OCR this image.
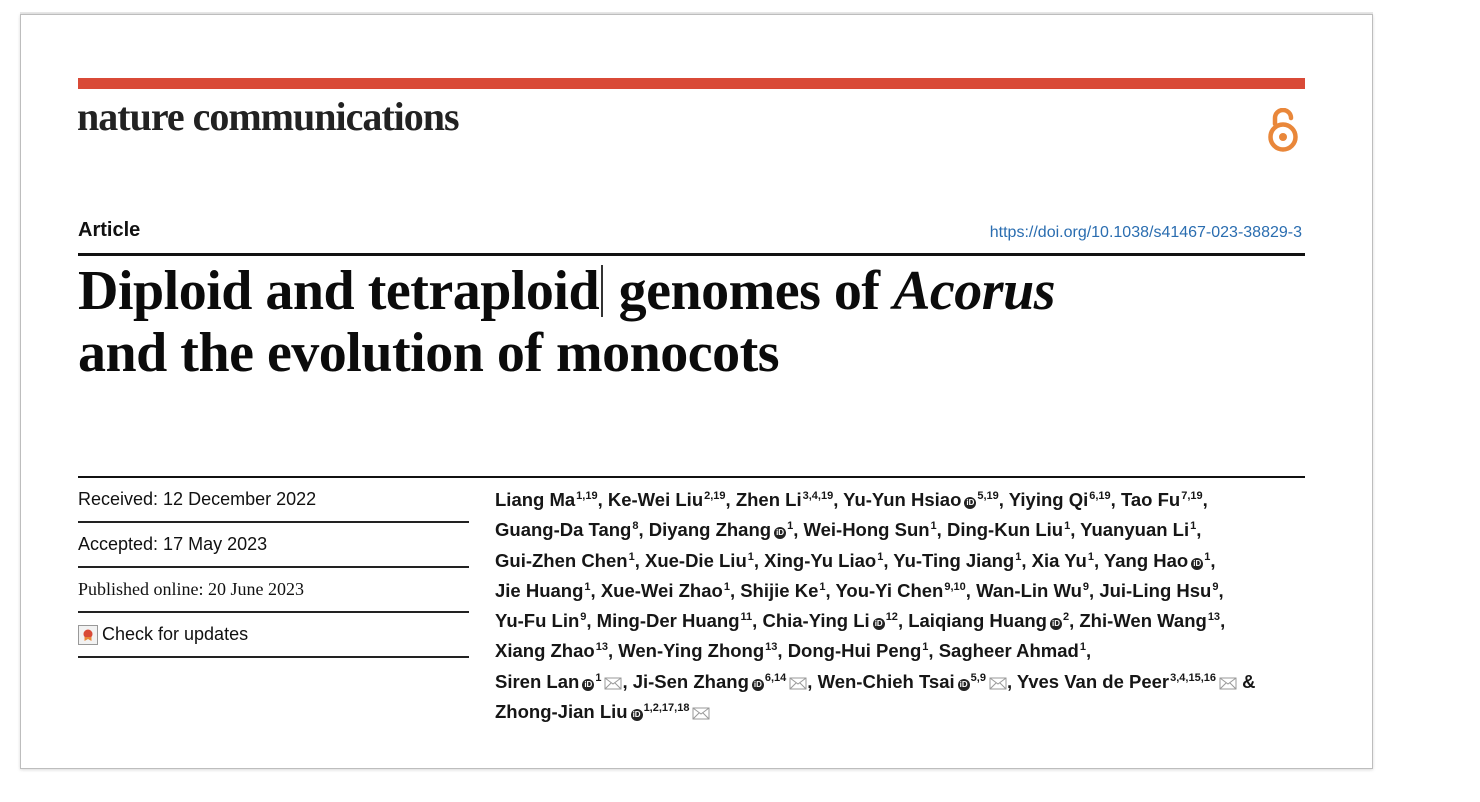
nature communications
Article	https://doi.org/10.1038/s41467-023-38829-3
Diploid and tetraploid genomes of Acorus
and the evolution of monocots
Received: 12 December 2022
Accepted: 17 May 2023
Published online: 20 June 2023
Check for updates
Liang Ma$^{1,19}$, Ke-Wei Liu$^{2,19}$, Zhen Li$^{3,4,19}$, Yu-Yun Hsiao iD$^{5,19}$, Yiying Qi$^{6,19}$, Tao Fu$^{7,19}$,
Guang-Da Tang$^8$, Diyang Zhang $iD^1$, Wei-Hong Sun$^1$, Ding-Kun Liu$^1$, Yuanyuan Li$^1$,
Gui-Zhen Chen$^1$, Xue-Die Liu$^1$, Xing-Yu Liao$^1$, Yu-Ting Jiang$^1$, Xia Yu$^1$, Yang Hao $iD^1$,
Jie Huang$^1$, Xue-Wei Zhao$^1$, Shijie Ke$^1$, You-Yi Chen$^{9,10}$, Wan-Lin Wu$^9$, Jui-Ling Hsu$^9$,
Yu-Fu Lin$^9$, Ming-Der Huang$^{11}$, Chia-Ying Li $iD^{12}$, Laiqiang Huang $iD^2$, Zhi-Wen Wang$^{13}$,
Xiang Zhao$^{13}$, Wen-Ying Zhong$^{13}$, Dong-Hui Peng$^1$, Sagheer Ahmad$^1$,
Siren Lan $iD^1$ , Ji-Sen Zhang iD$^{6,14}$ , Wen-Chieh Tsai iD$^{5,9}$ , Yves Van de Peer$^{3,4,15,16}$ &
Zhong-Jian Liu iD$^{1,2,17,18}$
